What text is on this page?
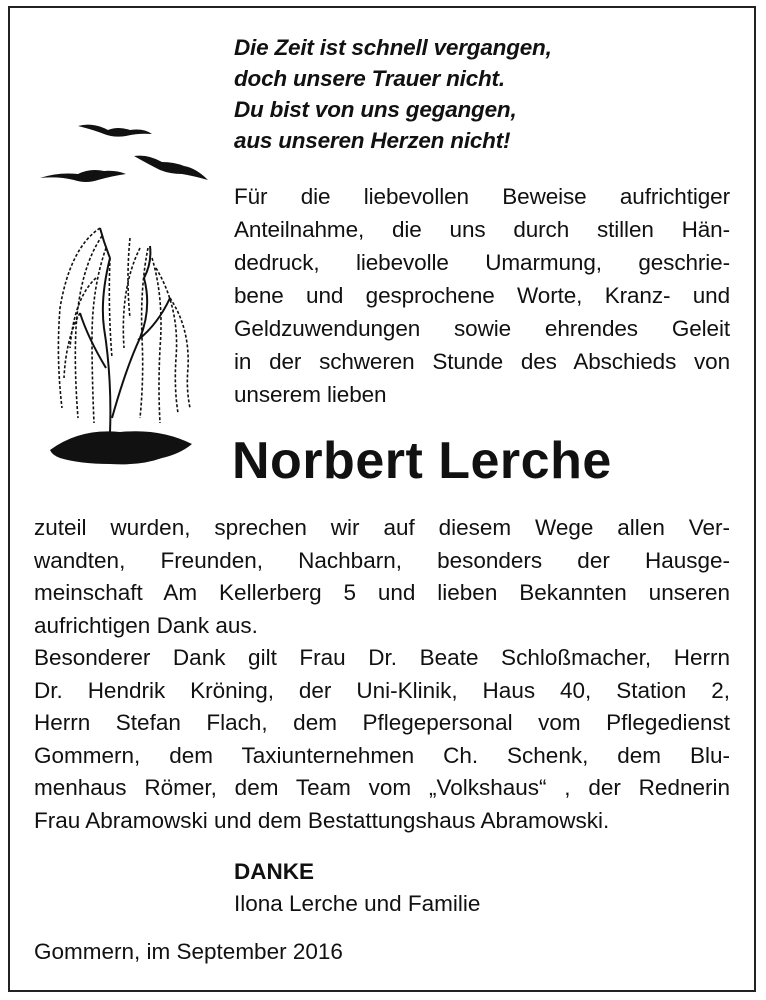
Die Zeit ist schnell vergangen,
doch unsere Trauer nicht.
Du bist von uns gegangen,
aus unseren Herzen nicht!
Für die liebevollen Beweise aufrichtiger
Anteilnahme, die uns durch stillen Hän-
dedruck, liebevolle Umarmung, geschrie-
bene und gesprochene Worte, Kranz- und
Geldzuwendungen sowie ehrendes Geleit
in der schweren Stunde des Abschieds von
unserem lieben
Norbert Lerche
zuteil wurden, sprechen wir auf diesem Wege allen Ver-
wandten, Freunden, Nachbarn, besonders der Hausge-
meinschaft Am Kellerberg 5 und lieben Bekannten unseren
aufrichtigen Dank aus.
Besonderer Dank gilt Frau Dr. Beate Schloßmacher, Herrn
Dr. Hendrik Kröning, der Uni-Klinik, Haus 40, Station 2,
Herrn Stefan Flach, dem Pflegepersonal vom Pflegedienst
Gommern, dem Taxiunternehmen Ch. Schenk, dem Blu-
menhaus Römer, dem Team vom „Volkshaus“ , der Rednerin
Frau Abramowski und dem Bestattungshaus Abramowski.
DANKE
Ilona Lerche und Familie
Gommern, im September 2016
